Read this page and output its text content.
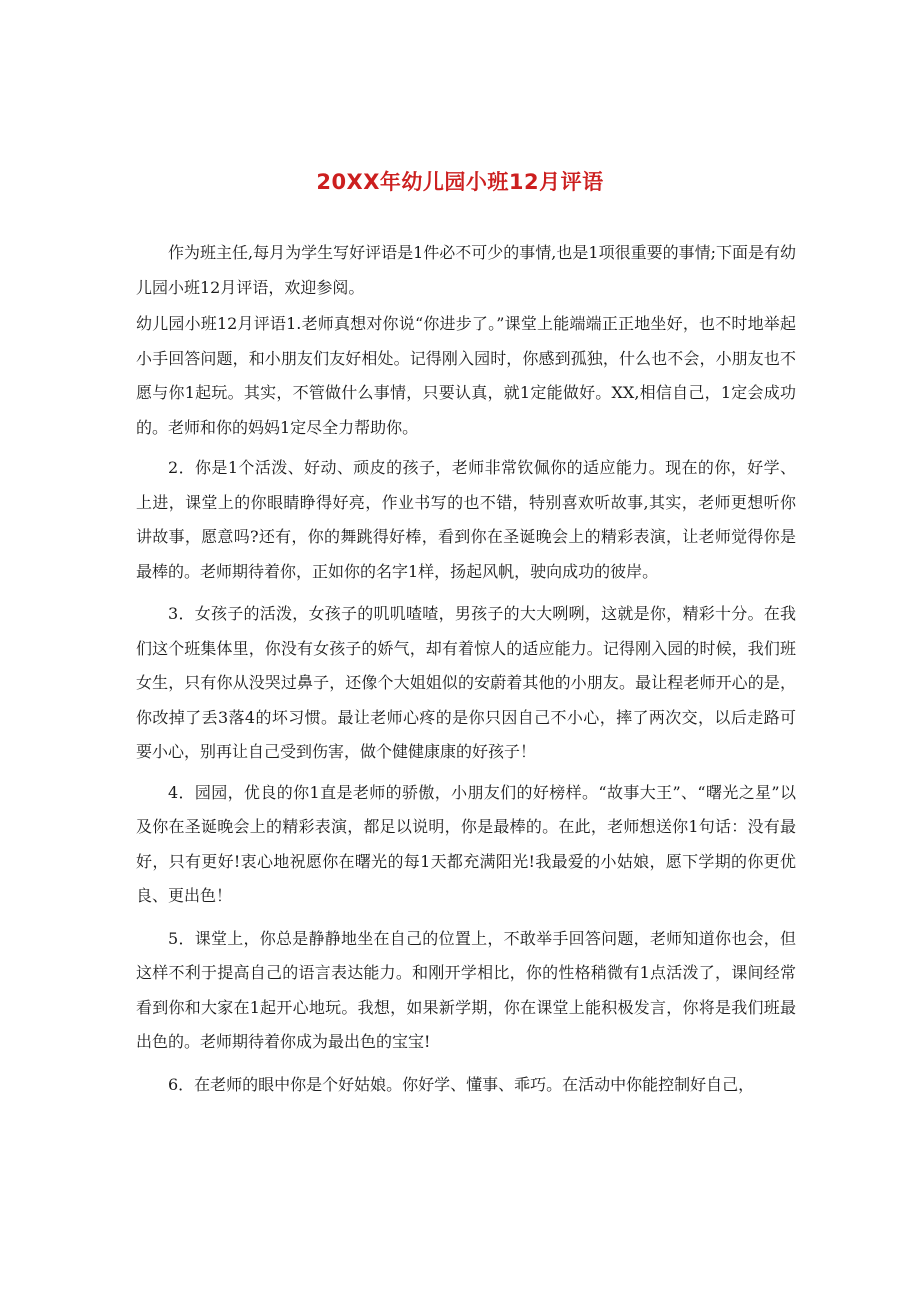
20XX年幼儿园小班12月评语

作为班主任,每月为学生写好评语是1件必不可少的事情,也是1项很重要的事情;下面是有幼儿园小班12月评语，欢迎参阅。

幼儿园小班12月评语1.老师真想对你说“你进步了。”课堂上能端端正正地坐好，也不时地举起小手回答问题，和小朋友们友好相处。记得刚入园时，你感到孤独，什么也不会，小朋友也不愿与你1起玩。其实，不管做什么事情，只要认真，就1定能做好。XX,相信自己，1定会成功的。老师和你的妈妈1定尽全力帮助你。

2．你是1个活泼、好动、顽皮的孩子，老师非常钦佩你的适应能力。现在的你，好学、上进，课堂上的你眼睛睁得好亮，作业书写的也不错，特别喜欢听故事,其实，老师更想听你讲故事，愿意吗?还有，你的舞跳得好棒，看到你在圣诞晚会上的精彩表演，让老师觉得你是最棒的。老师期待着你，正如你的名字1样，扬起风帆，驶向成功的彼岸。

3．女孩子的活泼，女孩子的叽叽喳喳，男孩子的大大咧咧，这就是你，精彩十分。在我们这个班集体里，你没有女孩子的娇气，却有着惊人的适应能力。记得刚入园的时候，我们班女生，只有你从没哭过鼻子，还像个大姐姐似的安蔚着其他的小朋友。最让程老师开心的是，你改掉了丢3落4的坏习惯。最让老师心疼的是你只因自己不小心，摔了两次交，以后走路可要小心，别再让自己受到伤害，做个健健康康的好孩子！

4．园园，优良的你1直是老师的骄傲，小朋友们的好榜样。“故事大王”、“曙光之星”以及你在圣诞晚会上的精彩表演，都足以说明，你是最棒的。在此，老师想送你1句话：没有最好，只有更好!衷心地祝愿你在曙光的每1天都充满阳光!我最爱的小姑娘，愿下学期的你更优良、更出色！

5．课堂上，你总是静静地坐在自己的位置上，不敢举手回答问题，老师知道你也会，但这样不利于提高自己的语言表达能力。和刚开学相比，你的性格稍微有1点活泼了，课间经常看到你和大家在1起开心地玩。我想，如果新学期，你在课堂上能积极发言，你将是我们班最出色的。老师期待着你成为最出色的宝宝!

6．在老师的眼中你是个好姑娘。你好学、懂事、乖巧。在活动中你能控制好自己，
